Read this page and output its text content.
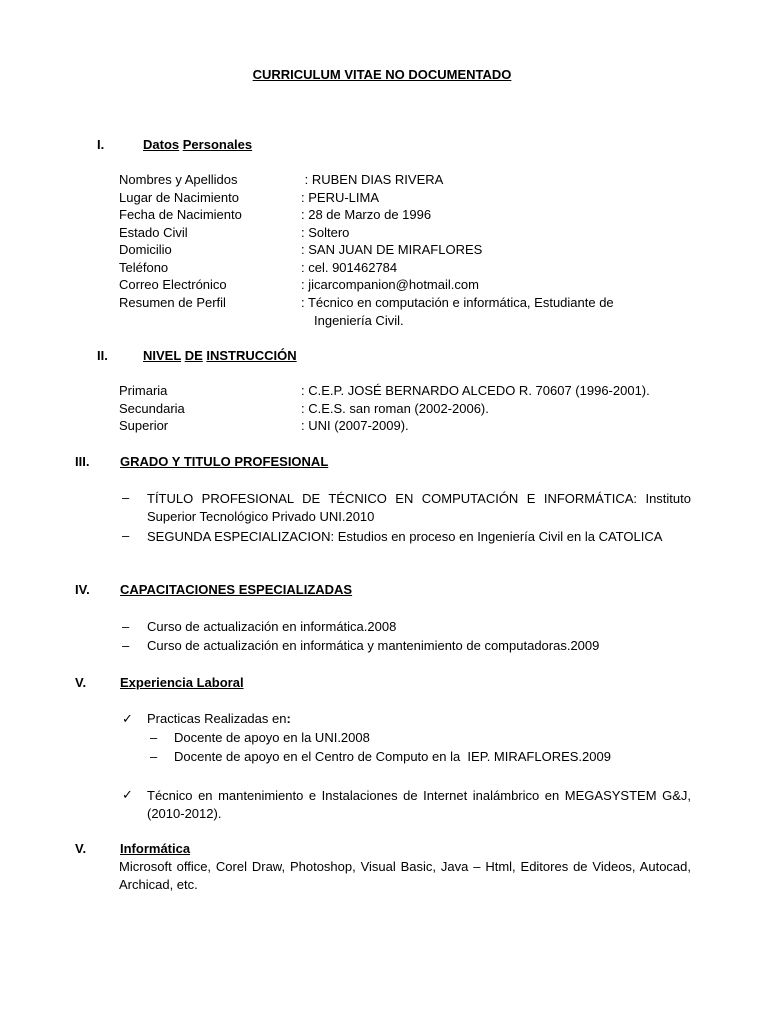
CURRICULUM VITAE NO DOCUMENTADO
I.	Datos Personales
Nombres y Apellidos	: RUBEN DIAS RIVERA
Lugar de Nacimiento	: PERU-LIMA
Fecha de Nacimiento	: 28 de Marzo de 1996
Estado Civil	: Soltero
Domicilio	: SAN JUAN DE MIRAFLORES
Teléfono	: cel. 901462784
Correo Electrónico	: jicarcompanion@hotmail.com
Resumen de Perfil	: Técnico en computación e informática, Estudiante de
Ingeniería Civil.
II.	NIVEL DE INSTRUCCIÓN
Primaria	: C.E.P. JOSÉ BERNARDO ALCEDO R. 70607 (1996-2001).
Secundaria	: C.E.S. san roman (2002-2006).
Superior	: UNI (2007-2009).
III. GRADO Y TITULO PROFESIONAL
– TÍTULO PROFESIONAL DE TÉCNICO EN COMPUTACIÓN E INFORMÁTICA: Instituto Superior Tecnológico Privado UNI.2010
– SEGUNDA ESPECIALIZACION: Estudios en proceso en Ingeniería Civil en la CATOLICA
IV. CAPACITACIONES ESPECIALIZADAS
– Curso de actualización en informática.2008
– Curso de actualización en informática y mantenimiento de computadoras.2009
V.	Experiencia Laboral
✓ Practicas Realizadas en:
– Docente de apoyo en la UNI.2008
– Docente de apoyo en el Centro de Computo en la  IEP. MIRAFLORES.2009
✓ Técnico en mantenimiento e Instalaciones de Internet inalámbrico en MEGASYSTEM G&J, (2010-2012).
V.	Informática
Microsoft office, Corel Draw, Photoshop, Visual Basic, Java – Html, Editores de Videos, Autocad, Archicad, etc.
